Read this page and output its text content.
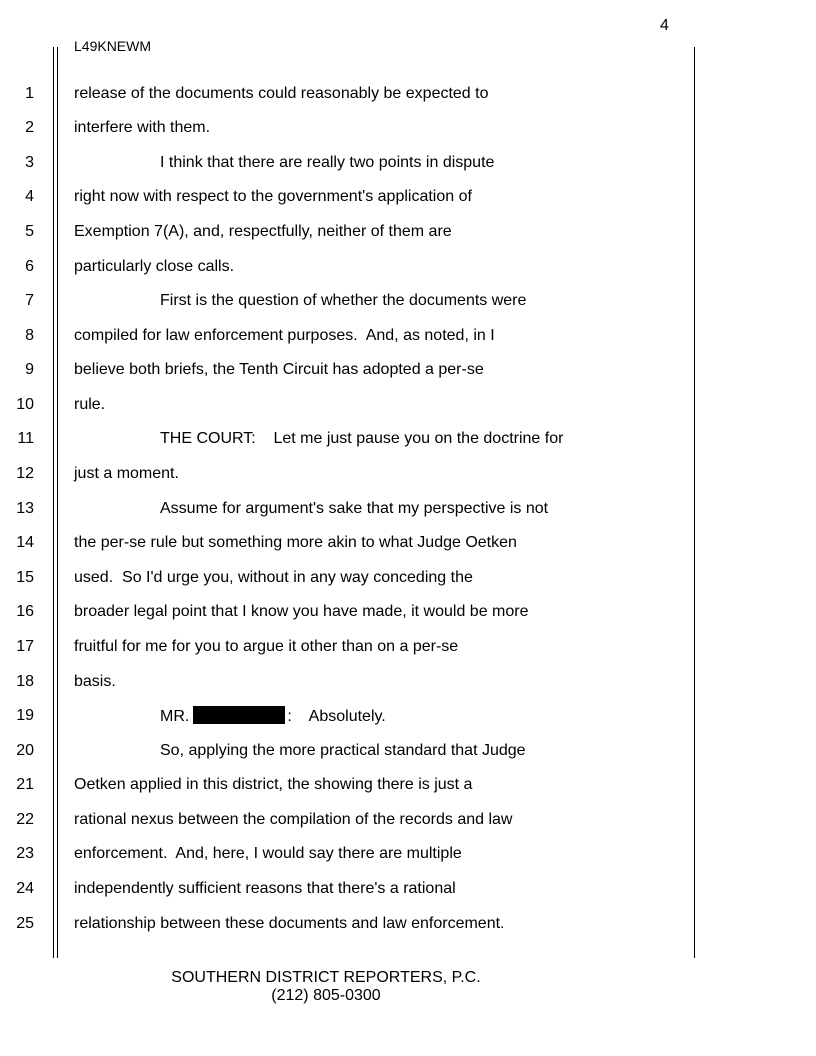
4
L49KNEWM
1	release of the documents could reasonably be expected to
2	interfere with them.
3	I think that there are really two points in dispute
4	right now with respect to the government's application of
5	Exemption 7(A), and, respectfully, neither of them are
6	particularly close calls.
7	First is the question of whether the documents were
8	compiled for law enforcement purposes.  And, as noted, in I
9	believe both briefs, the Tenth Circuit has adopted a per-se
10	rule.
11	THE COURT:    Let me just pause you on the doctrine for
12	just a moment.
13	Assume for argument's sake that my perspective is not
14	the per-se rule but something more akin to what Judge Oetken
15	used.  So I'd urge you, without in any way conceding the
16	broader legal point that I know you have made, it would be more
17	fruitful for me for you to argue it other than on a per-se
18	basis.
19	MR.	:    Absolutely.
20	So, applying the more practical standard that Judge
21	Oetken applied in this district, the showing there is just a
22	rational nexus between the compilation of the records and law
23	enforcement.  And, here, I would say there are multiple
24	independently sufficient reasons that there's a rational
25	relationship between these documents and law enforcement.
SOUTHERN DISTRICT REPORTERS, P.C.
(212) 805-0300
